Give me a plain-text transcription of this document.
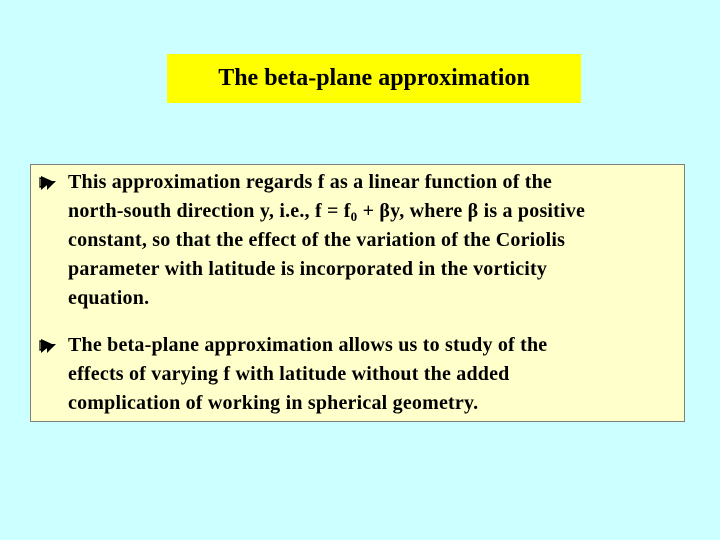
The beta-plane approximation
This approximation regards f as a linear function of the
north-south direction y, i.e., $f = f_0 + \beta y$, where β is a positive
constant, so that the effect of the variation of the Coriolis
parameter with latitude is incorporated in the vorticity
equation.
The beta-plane approximation allows us to study of the
effects of varying f with latitude without the added
complication of working in spherical geometry.
